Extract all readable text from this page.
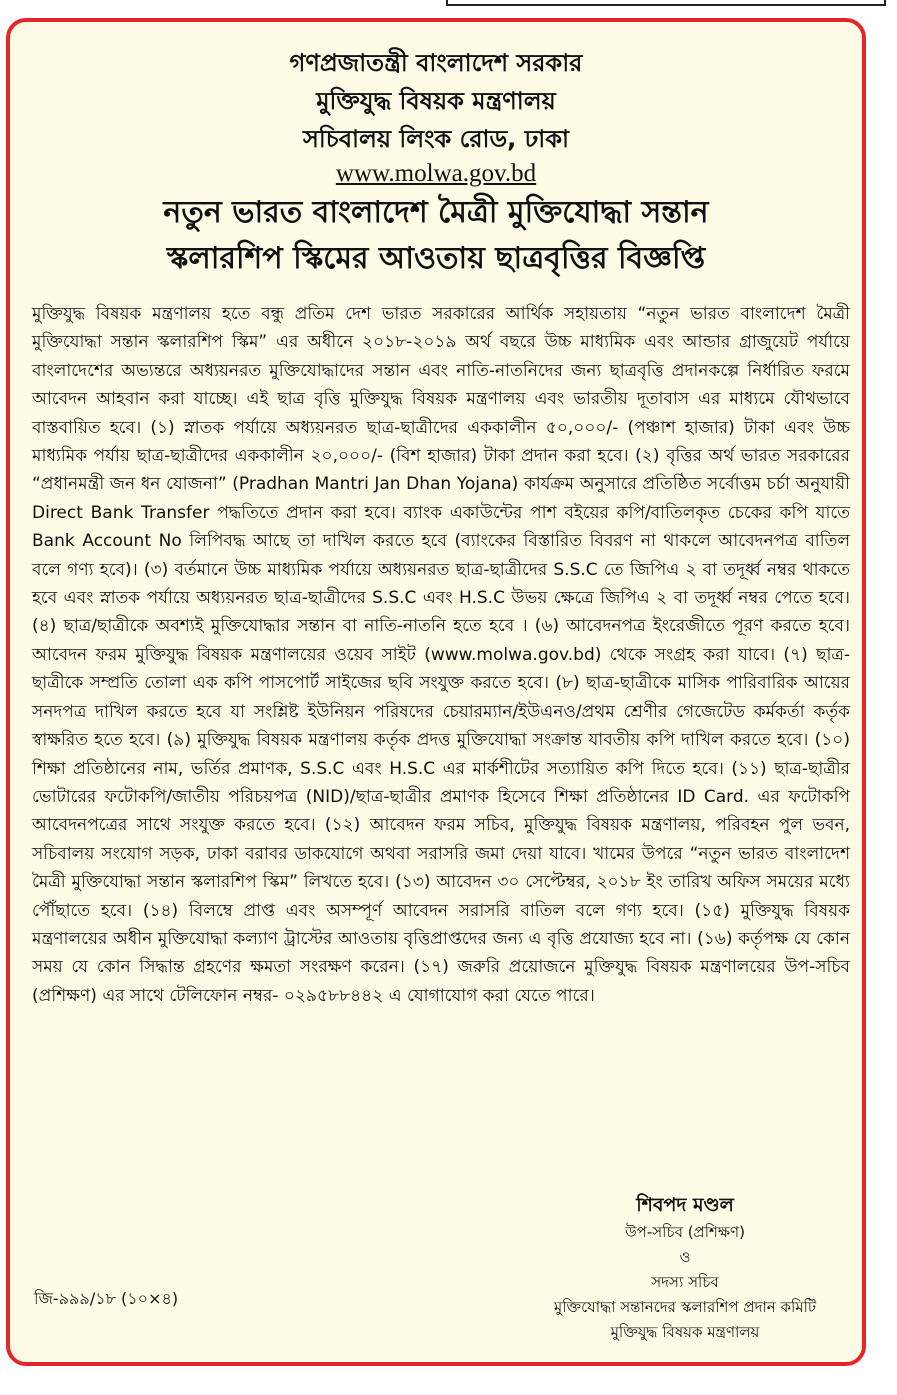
গণপ্রজাতন্ত্রী বাংলাদেশ সরকার
মুক্তিযুদ্ধ বিষয়ক মন্ত্রণালয়
সচিবালয় লিংক রোড, ঢাকা
www.molwa.gov.bd
নতুন ভারত বাংলাদেশ মৈত্রী মুক্তিযোদ্ধা সন্তান
স্কলারশিপ স্কিমের আওতায় ছাত্রবৃত্তির বিজ্ঞপ্তি

মুক্তিযুদ্ধ বিষয়ক মন্ত্রণালয় হতে বন্ধু প্রতিম দেশ ভারত সরকারের আর্থিক সহায়তায় “নতুন ভারত বাংলাদেশ মৈত্রী মুক্তিযোদ্ধা সন্তান স্কলারশিপ স্কিম” এর অধীনে ২০১৮-২০১৯ অর্থ বছরে উচ্চ মাধ্যমিক এবং আন্ডার গ্রাজুয়েট পর্যায়ে বাংলাদেশের অভ্যন্তরে অধ্যয়নরত মুক্তিযোদ্ধাদের সন্তান এবং নাতি-নাতনিদের জন্য ছাত্রবৃত্তি প্রদানকল্পে নির্ধারিত ফরমে আবেদন আহবান করা যাচ্ছে। এই ছাত্র বৃত্তি মুক্তিযুদ্ধ বিষয়ক মন্ত্রণালয় এবং ভারতীয় দূতাবাস এর মাধ্যমে যৌথভাবে বাস্তবায়িত হবে। (১) স্নাতক পর্যায়ে অধ্যয়নরত ছাত্র-ছাত্রীদের এককালীন ৫০,০০০/- (পঞ্চাশ হাজার) টাকা এবং উচ্চ মাধ্যমিক পর্যায় ছাত্র-ছাত্রীদের এককালীন ২০,০০০/- (বিশ হাজার) টাকা প্রদান করা হবে। (২) বৃত্তির অর্থ ভারত সরকারের “প্রধানমন্ত্রী জন ধন যোজনা” (Pradhan Mantri Jan Dhan Yojana) কার্যক্রম অনুসারে প্রতিষ্ঠিত সর্বোত্তম চর্চা অনুযায়ী Direct Bank Transfer পদ্ধতিতে প্রদান করা হবে। ব্যাংক একাউন্টের পাশ বইয়ের কপি/বাতিলকৃত চেকের কপি যাতে Bank Account No লিপিবদ্ধ আছে তা দাখিল করতে হবে (ব্যাংকের বিস্তারিত বিবরণ না থাকলে আবেদনপত্র বাতিল বলে গণ্য হবে)। (৩) বর্তমানে উচ্চ মাধ্যমিক পর্যায়ে অধ্যয়নরত ছাত্র-ছাত্রীদের S.S.C তে জিপিএ ২ বা তদূর্ধ্ব নম্বর থাকতে হবে এবং স্নাতক পর্যায়ে অধ্যয়নরত ছাত্র-ছাত্রীদের S.S.C এবং H.S.C উভয় ক্ষেত্রে জিপিএ ২ বা তদূর্ধ্ব নম্বর পেতে হবে। (৪) ছাত্র/ছাত্রীকে অবশ্যই মুক্তিযোদ্ধার সন্তান বা নাতি-নাতনি হতে হবে । (৬) আবেদনপত্র ইংরেজীতে পূরণ করতে হবে। আবেদন ফরম মুক্তিযুদ্ধ বিষয়ক মন্ত্রণালয়ের ওয়েব সাইট (www.molwa.gov.bd) থেকে সংগ্রহ করা যাবে। (৭) ছাত্র-ছাত্রীকে সম্প্রতি তোলা এক কপি পাসপোর্ট সাইজের ছবি সংযুক্ত করতে হবে। (৮) ছাত্র-ছাত্রীকে মাসিক পারিবারিক আয়ের সনদপত্র দাখিল করতে হবে যা সংশ্লিষ্ট ইউনিয়ন পরিষদের চেয়ারম্যান/ইউএনও/প্রথম শ্রেণীর গেজেটেড কর্মকর্তা কর্তৃক স্বাক্ষরিত হতে হবে। (৯) মুক্তিযুদ্ধ বিষয়ক মন্ত্রণালয় কর্তৃক প্রদত্ত মুক্তিযোদ্ধা সংক্রান্ত যাবতীয় কপি দাখিল করতে হবে। (১০) শিক্ষা প্রতিষ্ঠানের নাম, ভর্তির প্রমাণক, S.S.C এবং H.S.C এর মার্কশীটের সত্যায়িত কপি দিতে হবে। (১১) ছাত্র-ছাত্রীর ভোটারের ফটোকপি/জাতীয় পরিচয়পত্র (NID)/ছাত্র-ছাত্রীর প্রমাণক হিসেবে শিক্ষা প্রতিষ্ঠানের ID Card. এর ফটোকপি আবেদনপত্রের সাথে সংযুক্ত করতে হবে। (১২) আবেদন ফরম সচিব, মুক্তিযুদ্ধ বিষয়ক মন্ত্রণালয়, পরিবহন পুল ভবন, সচিবালয় সংযোগ সড়ক, ঢাকা বরাবর ডাকযোগে অথবা সরাসরি জমা দেয়া যাবে। খামের উপরে “নতুন ভারত বাংলাদেশ মৈত্রী মুক্তিযোদ্ধা সন্তান স্কলারশিপ স্কিম” লিখতে হবে। (১৩) আবেদন ৩০ সেপ্টেম্বর, ২০১৮ ইং তারিখ অফিস সময়ের মধ্যে পৌঁছাতে হবে। (১৪) বিলম্বে প্রাপ্ত এবং অসম্পূর্ণ আবেদন সরাসরি বাতিল বলে গণ্য হবে। (১৫) মুক্তিযুদ্ধ বিষয়ক মন্ত্রণালয়ের অধীন মুক্তিযোদ্ধা কল্যাণ ট্রাস্টের আওতায় বৃত্তিপ্রাপ্তদের জন্য এ বৃত্তি প্রযোজ্য হবে না। (১৬) কর্তৃপক্ষ যে কোন সময় যে কোন সিদ্ধান্ত গ্রহণের ক্ষমতা সংরক্ষণ করেন। (১৭) জরুরি প্রয়োজনে মুক্তিযুদ্ধ বিষয়ক মন্ত্রণালয়ের উপ-সচিব (প্রশিক্ষণ) এর সাথে টেলিফোন নম্বর- ০২৯৫৮৮৪৪২ এ যোগাযোগ করা যেতে পারে।

শিবপদ মণ্ডল
উপ-সচিব (প্রশিক্ষণ)
ও
সদস্য সচিব
মুক্তিযোদ্ধা সন্তানদের স্কলারশিপ প্রদান কমিটি
মুক্তিযুদ্ধ বিষয়ক মন্ত্রণালয়
জি-৯৯৯/১৮ (১০×৪)
